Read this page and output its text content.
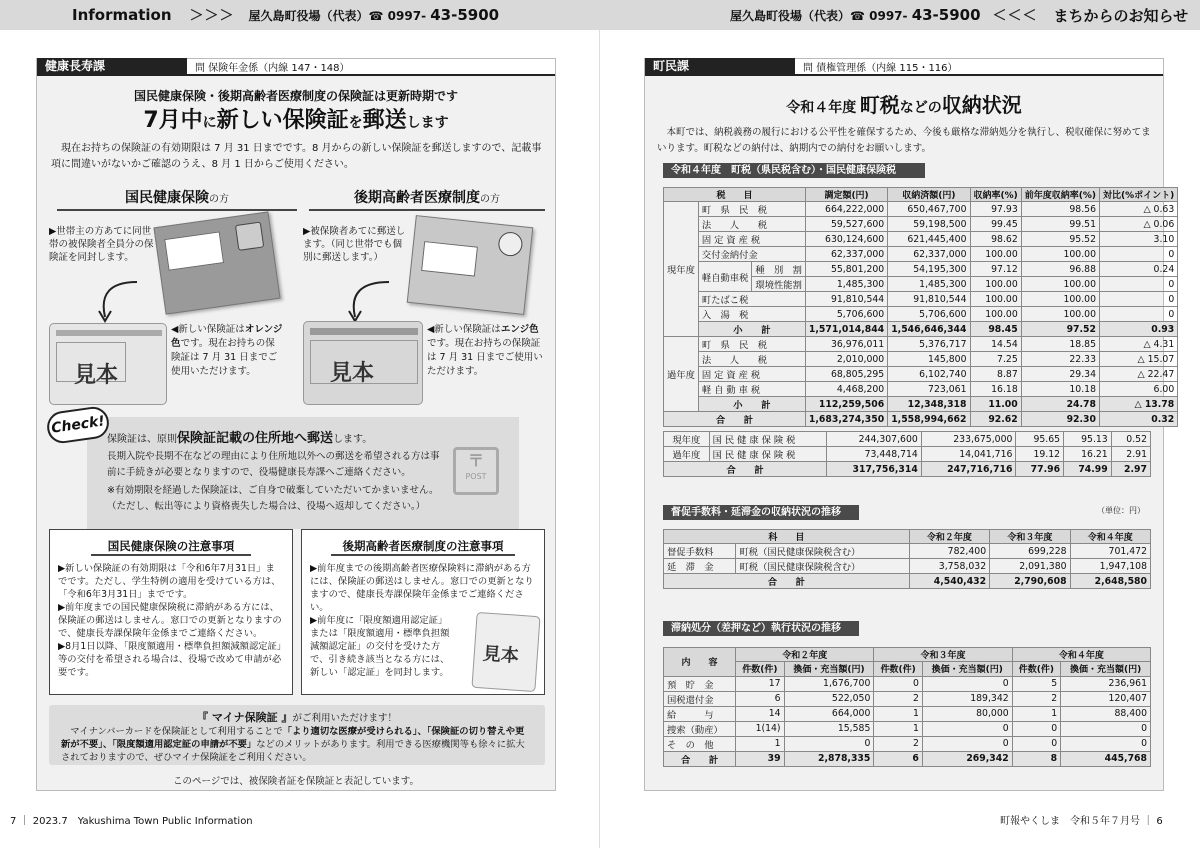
Information ＞＞＞ 屋久島町役場（代表）☎ 0997- 43-5900	屋久島町役場（代表）☎ 0997- 43-5900 ＜＜＜ まちからのお知らせ
健康長寿課	問 保険年金係（内線 147・148）
国民健康保険・後期高齢者医療制度の保険証は更新時期です
7月中に新しい保険証を郵送します
現在お持ちの保険証の有効期限は 7 月 31 日までです。8 月からの新しい保険証を郵送しますので、記載事項に間違いがないかご確認のうえ、8 月 1 日からご使用ください。
国民健康保険の方	後期高齢者医療制度の方
▶世帯主の方あてに同世帯の被保険者全員分の保険証を同封します。
▶被保険者あてに郵送します。（同じ世帯でも個別に郵送します。）
見本
◀新しい保険証はオレンジ色です。現在お持ちの保険証は 7 月 31 日までご使用いただけます。	見本
◀新しい保険証はエンジ色です。現在お持ちの保険証は 7 月 31 日までご使用いただけます。
保険証は、原則保険証記載の住所地へ郵送します。
長期入院や長期不在などの理由により住所地以外への郵送を希望される方は事前に手続きが必要となりますので、役場健康長寿課へご連絡ください。
※有効期限を経過した保険証は、ご自身で破棄していただいてかまいません。
（ただし、転出等により資格喪失した場合は、役場へ返却してください。）
〒
POST
Check!
国民健康保険の注意事項
▶新しい保険証の有効期限は「令和6年7月31日」までです。ただし、学生特例の適用を受けている方は、「令和6年3月31日」までです。
▶前年度までの国民健康保険税に滞納がある方には、保険証の郵送はしません。窓口での更新となりますので、健康長寿課保険年金係までご連絡ください。
▶8月1日以降、「限度額適用・標準負担額減額認定証」等の交付を希望される場合は、役場で改めて申請が必要です。
後期高齢者医療制度の注意事項
▶前年度までの後期高齢者医療保険料に滞納がある方には、保険証の郵送はしません。窓口での更新となりますので、健康長寿課保険年金係までご連絡ください。
▶前年度に「限度額適用認定証」または「限度額適用・標準負担額減額認定証」の交付を受けた方で、引き続き該当となる方には、新しい「認定証」を同封します。
見本
『 マイナ保険証 』がご利用いただけます！
マイナンバーカードを保険証として利用することで「より適切な医療が受けられる」、「保険証の切り替えや更新が不要」、「限度額適用認定証の申請が不要」などのメリットがあります。利用できる医療機関等も徐々に拡大されておりますので、ぜひマイナ保険証をご利用ください。
このページでは、被保険者証を保険証と表記しています。
町民課	問 債権管理係（内線 115・116）
令和４年度 町税などの収納状況
本町では、納税義務の履行における公平性を確保するため、今後も厳格な滞納処分を執行し、税収確保に努めてまいります。町税などの納付は、納期内での納付をお願いします。
令和４年度　町税（県民税含む）・国民健康保険税
税　　目			調定額(円)	収納済額(円)	収納率(%)	前年度収納率(%)	対比(%ポイント)
現年度	町　県　民　税		664,222,000	650,467,700	97.93	98.56	△ 0.63
	法　　人　　税		59,527,600	59,198,500	99.45	99.51	△ 0.06
	固 定 資 産 税		630,124,600	621,445,400	98.62	95.52	3.10
	交付金納付金		62,337,000	62,337,000	100.00	100.00	0
	軽自動車税	種　別　割	55,801,200	54,195,300	97.12	96.88	0.24
		環境性能割	1,485,300	1,485,300	100.00	100.00	0
	町たばこ税		91,810,544	91,810,544	100.00	100.00	0
	入　湯　税		5,706,600	5,706,600	100.00	100.00	0
	小　　計		1,571,014,844	1,546,646,344	98.45	97.52	0.93
過年度	町　県　民　税		36,976,011	5,376,717	14.54	18.85	△ 4.31
	法　　人　　税		2,010,000	145,800	7.25	22.33	△ 15.07
	固 定 資 産 税		68,805,295	6,102,740	8.87	29.34	△ 22.47
	軽 自 動 車 税		4,468,200	723,061	16.18	10.18	6.00
	小　　計		112,259,506	12,348,318	11.00	24.78	△ 13.78
合　　計			1,683,274,350	1,558,994,662	92.62	92.30	0.32
現年度	国 民 健 康 保 険 税	244,307,600	233,675,000	95.65	95.13	0.52
過年度	国 民 健 康 保 険 税	73,448,714	14,041,716	19.12	16.21	2.91
合　　計		317,756,314	247,716,716	77.96	74.99	2.97
督促手数料・延滞金の収納状況の推移	（単位：円）
科　　目		令和２年度	令和３年度	令和４年度
督促手数料	町税（国民健康保険税含む）	782,400	699,228	701,472
延　滞　金	町税（国民健康保険税含む）	3,758,032	2,091,380	1,947,108
合　　計		4,540,432	2,790,608	2,648,580
滞納処分（差押など）執行状況の推移
内　　容	令和２年度		令和３年度		令和４年度	
	件数(件)	換価・充当額(円)	件数(件)	換価・充当額(円)	件数(件)	換価・充当額(円)
預　貯　金	17	1,676,700	0	0	5	236,961
国税還付金	6	522,050	2	189,342	2	120,407
給　　　与	14	664,000	1	80,000	1	88,400
捜索（動産）	1(14)	15,585	1	0	0	0
そ　の　他	1	0	2	0	0	0
合　　計	39	2,878,335	6	269,342	8	445,768
7 ｜ 2023.7　Yakushima Town Public Information	町報やくしま　令和５年７月号 ｜ 6
